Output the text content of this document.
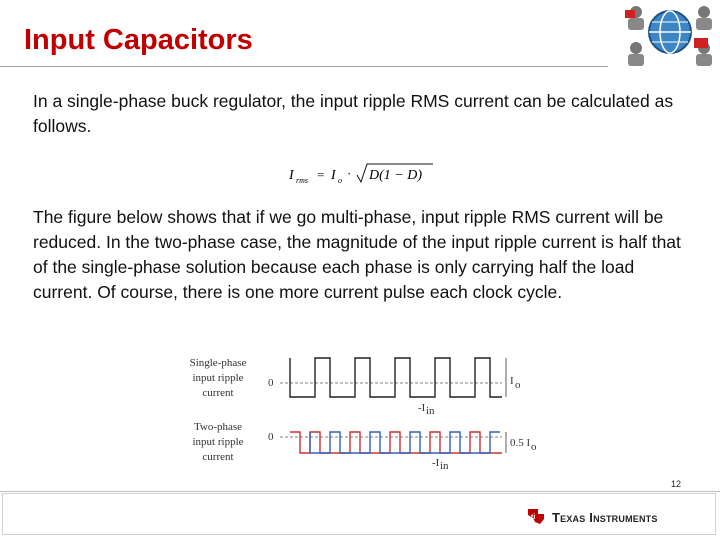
Input Capacitors
In a single-phase buck regulator, the input ripple RMS current can be calculated as follows.
I rms = I o · D(1 − D)
The figure below shows that if we go multi-phase, input ripple RMS current will be reduced. In the two-phase case, the magnitude of the input ripple current is half that of the single-phase solution because each phase is only carrying half the load current. Of course, there is one more current pulse each clock cycle.
Single-phase
input ripple
current
0
Two-phase
input ripple
current
0
I o
-I in
0.5 I o
-I in
12
ti Texas Instruments
